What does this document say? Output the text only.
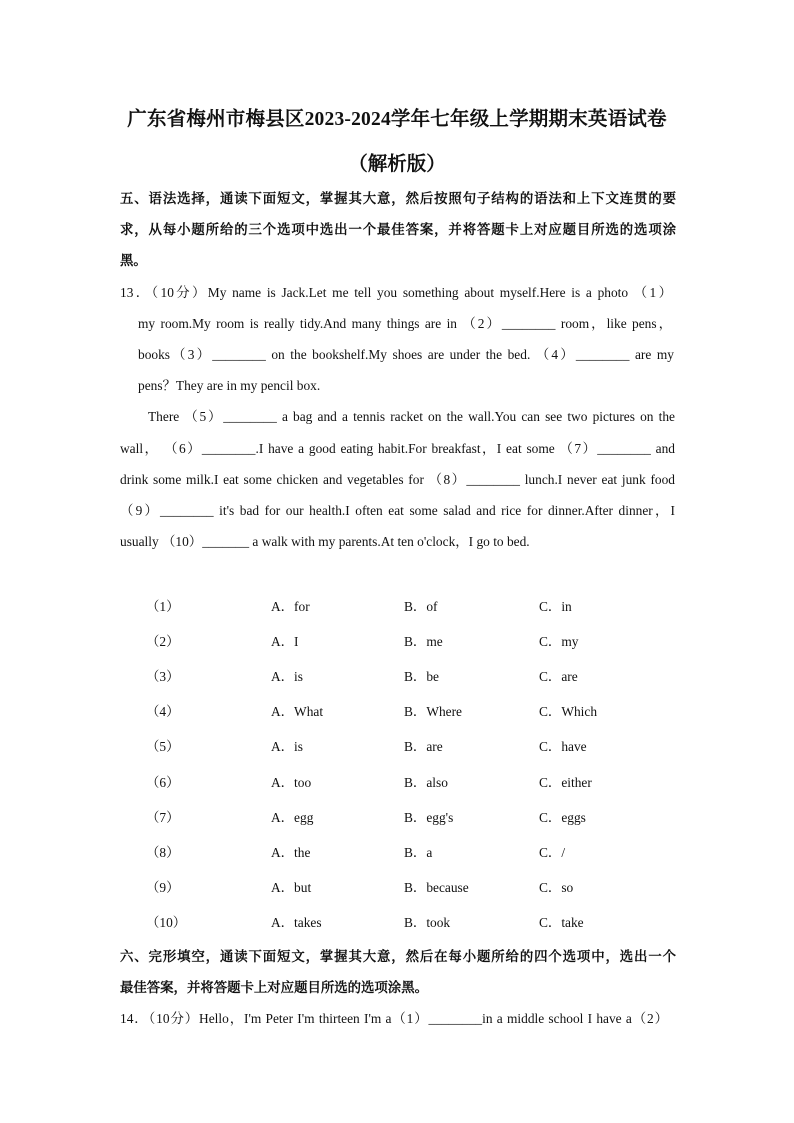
广东省梅州市梅县区2023-2024学年七年级上学期期末英语试卷
（解析版）
五、语法选择，通读下面短文，掌握其大意，然后按照句子结构的语法和上下文连贯的要
求，从每小题所给的三个选项中选出一个最佳答案，并将答题卡上对应题目所选的选项涂
黑。
13．（10分）My name is Jack.Let me tell you something about myself.Here is a photo （1）
my room.My room is really tidy.And many things are in （2）________ room，like pens，
books（3）________ on the bookshelf.My shoes are under the bed. （4）________ are my
pens？They are in my pencil box.
There （5）________ a bag and a tennis racket on the wall.You can see two pictures on the
wall， （6）________.I have a good eating habit.For breakfast，I eat some （7）________ and
drink some milk.I eat some chicken and vegetables for （8）________ lunch.I never eat junk food
（9）________ it's bad for our health.I often eat some salad and rice for dinner.After dinner，I
usually （10）_______ a walk with my parents.At ten o'clock，I go to bed.
（1）	A．for	B．of	C．in
（2）	A．I	B．me	C．my
（3）	A．is	B．be	C．are
（4）	A．What	B．Where	C．Which
（5）	A．is	B．are	C．have
（6）	A．too	B．also	C．either
（7）	A．egg	B．egg's	C．eggs
（8）	A．the	B．a	C．/
（9）	A．but	B．because	C．so
（10）	A．takes	B．took	C．take
六、完形填空，通读下面短文，掌握其大意，然后在每小题所给的四个选项中，选出一个
最佳答案，并将答题卡上对应题目所选的选项涂黑。
14．（10分）Hello，I'm Peter I'm thirteen I'm a（1）________in a middle school I have a（2）
